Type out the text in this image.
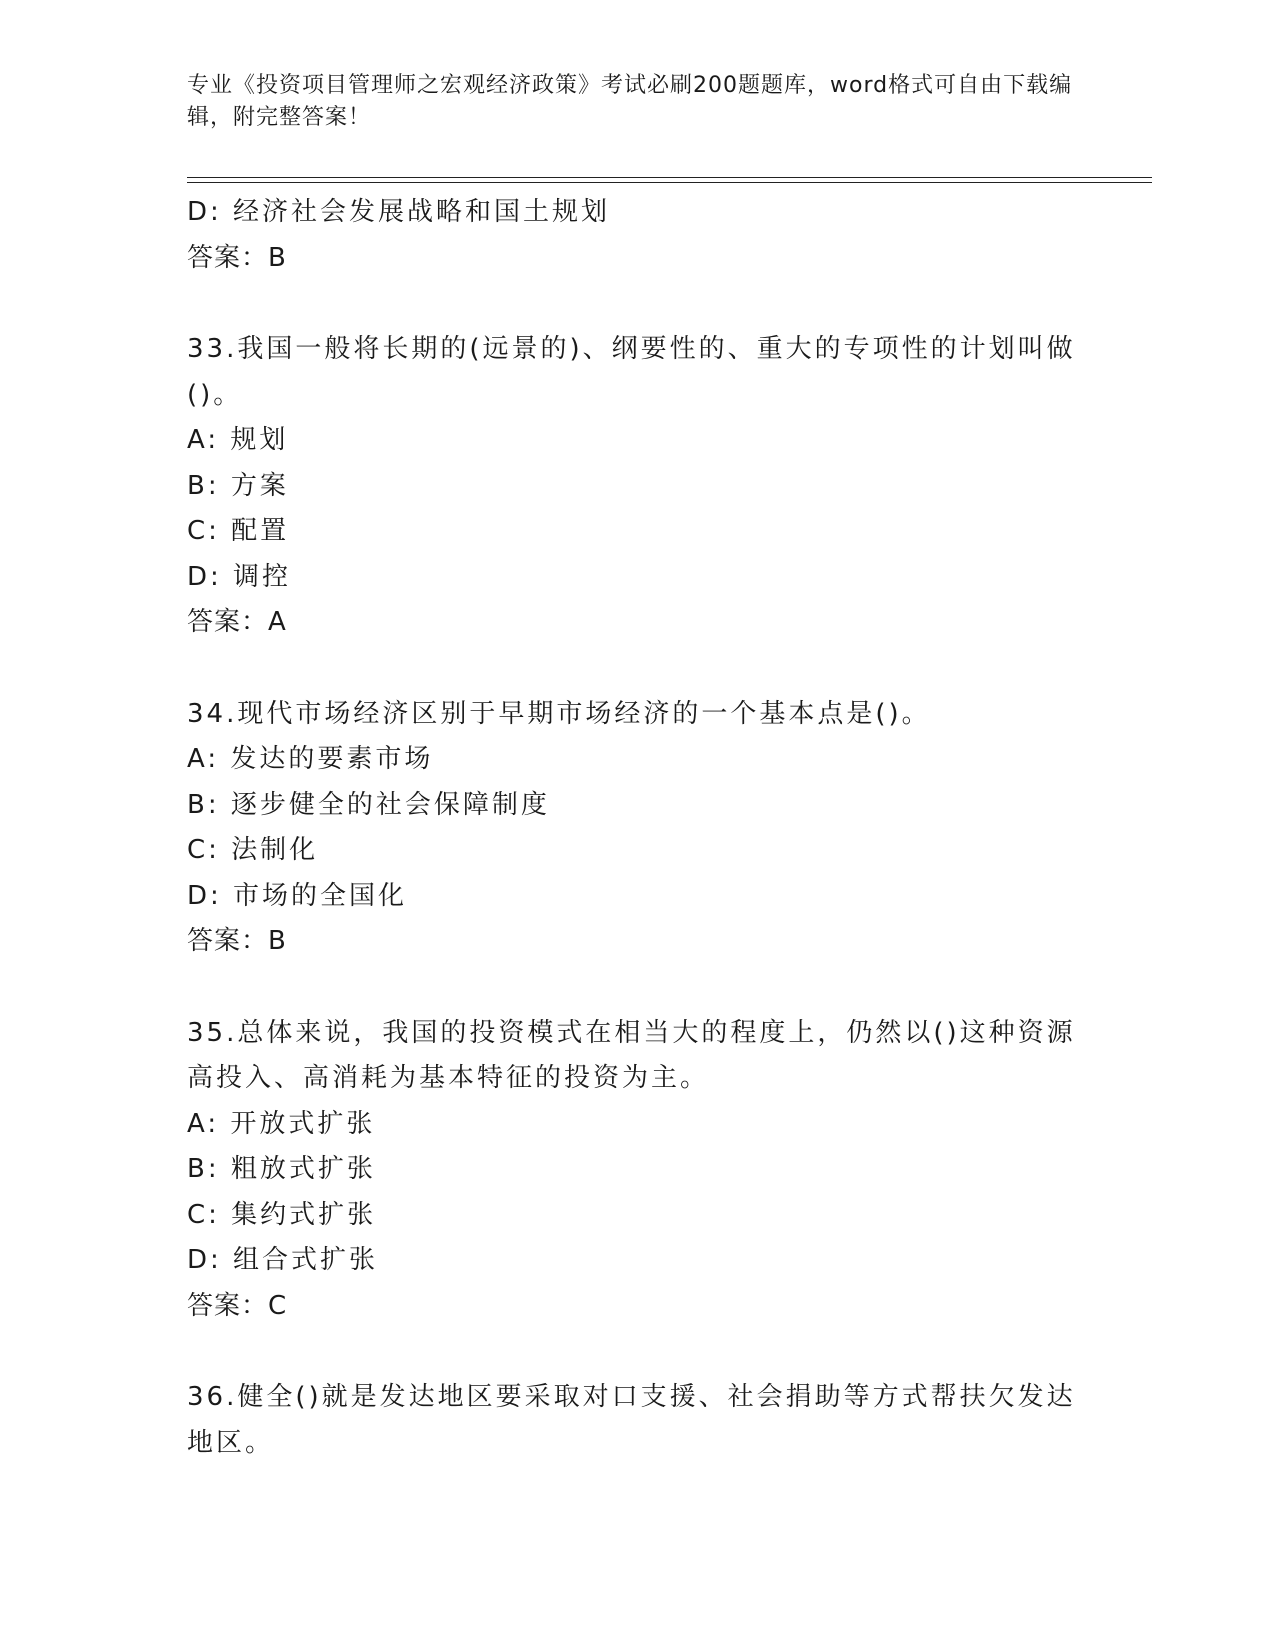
专业《投资项目管理师之宏观经济政策》考试必刷200题题库，word格式可自由下载编辑，附完整答案！
D: 经济社会发展战略和国土规划
答案：B
33.我国一般将长期的(远景的)、纲要性的、重大的专项性的计划叫做()。
A: 规划
B: 方案
C: 配置
D: 调控
答案：A
34.现代市场经济区别于早期市场经济的一个基本点是()。
A: 发达的要素市场
B: 逐步健全的社会保障制度
C: 法制化
D: 市场的全国化
答案：B
35.总体来说，我国的投资模式在相当大的程度上，仍然以()这种资源高投入、高消耗为基本特征的投资为主。
A: 开放式扩张
B: 粗放式扩张
C: 集约式扩张
D: 组合式扩张
答案：C
36.健全()就是发达地区要采取对口支援、社会捐助等方式帮扶欠发达地区。
